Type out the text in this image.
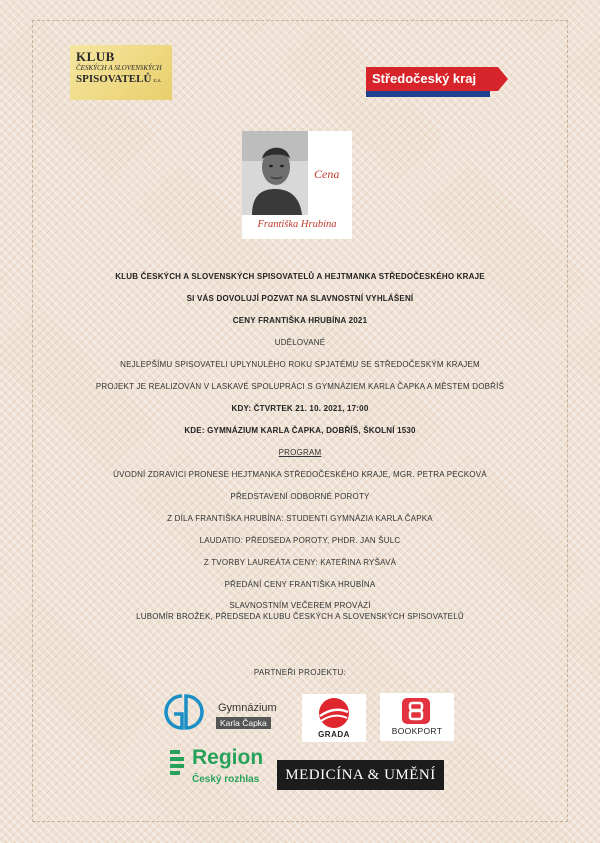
KLUB
ČESKÝCH A SLOVENSKÝCH
SPISOVATELŮ z.s.	Středočeský kraj
Cena
Františka Hrubína
KLUB ČESKÝCH A SLOVENSKÝCH SPISOVATELŮ A HEJTMANKA STŘEDOČESKÉHO KRAJE
SI VÁS DOVOLUJÍ POZVAT NA SLAVNOSTNÍ VYHLÁŠENÍ
CENY FRANTIŠKA HRUBÍNA 2021
UDĚLOVANÉ
NEJLEPŠÍMU SPISOVATELI UPLYNULÉHO ROKU SPJATÉMU SE STŘEDOČESKÝM KRAJEM
PROJEKT JE REALIZOVÁN V LASKAVÉ SPOLUPRÁCI S GYMNÁZIEM KARLA ČAPKA A MĚSTEM DOBŘÍŠ
KDY: ČTVRTEK 21. 10. 2021, 17:00
KDE: GYMNÁZIUM KARLA ČAPKA, DOBŘÍŠ, ŠKOLNÍ 1530
PROGRAM
ÚVODNÍ ZDRAVICI PRONESE HEJTMANKA STŘEDOČESKÉHO KRAJE, MGR. PETRA PECKOVÁ
PŘEDSTAVENÍ ODBORNÉ POROTY
Z DÍLA FRANTIŠKA HRUBÍNA: STUDENTI GYMNÁZIA KARLA ČAPKA
LAUDATIO: PŘEDSEDA POROTY, PHDR. JAN ŠULC
Z TVORBY LAUREÁTA CENY: KATEŘINA RYŠAVÁ
PŘEDÁNÍ CENY FRANTIŠKA HRUBÍNA
SLAVNOSTNÍM VEČEREM PROVÁZÍ
LUBOMÍR BROŽEK, PŘEDSEDA KLUBU ČESKÝCH A SLOVENSKÝCH SPISOVATELŮ
PARTNEŘI PROJEKTU:
Gymnázium
Karla Čapka
GRADA	BOOKPORT
Region
Český rozhlas	MEDICÍNA & UMĚNÍ
